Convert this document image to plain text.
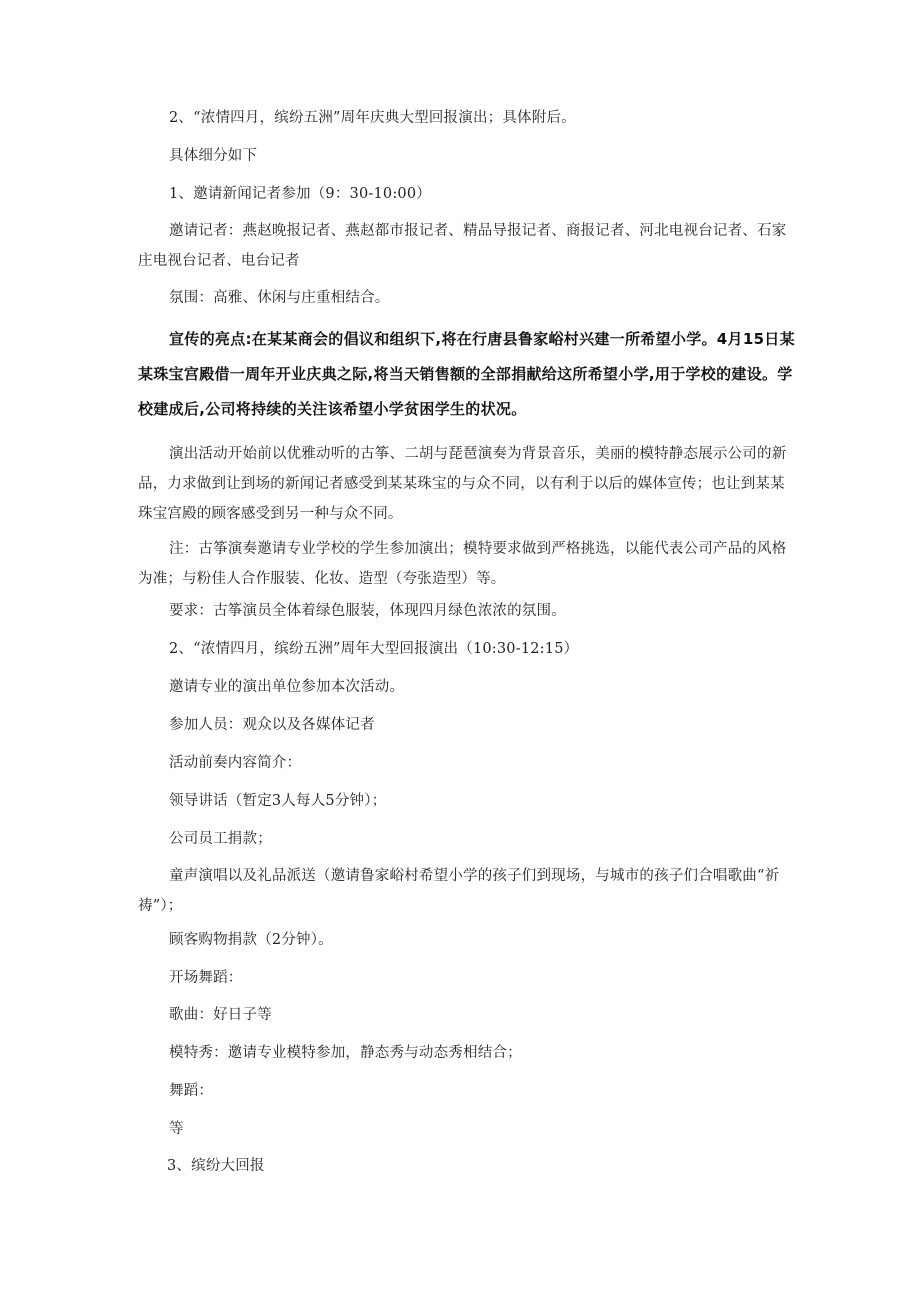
2、“浓情四月，缤纷五洲”周年庆典大型回报演出；具体附后。

具体细分如下

1、邀请新闻记者参加（9：30-10:00）

邀请记者：燕赵晚报记者、燕赵都市报记者、精品导报记者、商报记者、河北电视台记者、石家庄电视台记者、电台记者

氛围：高雅、休闲与庄重相结合。

宣传的亮点:在某某商会的倡议和组织下,将在行唐县鲁家峪村兴建一所希望小学。4月15日某某珠宝宫殿借一周年开业庆典之际,将当天销售额的全部捐献给这所希望小学,用于学校的建设。学校建成后,公司将持续的关注该希望小学贫困学生的状况。

演出活动开始前以优雅动听的古筝、二胡与琵琶演奏为背景音乐，美丽的模特静态展示公司的新品，力求做到让到场的新闻记者感受到某某珠宝的与众不同，以有利于以后的媒体宣传；也让到某某珠宝宫殿的顾客感受到另一种与众不同。

注：古筝演奏邀请专业学校的学生参加演出；模特要求做到严格挑选，以能代表公司产品的风格为准；与粉佳人合作服装、化妆、造型（夸张造型）等。

要求：古筝演员全体着绿色服装，体现四月绿色浓浓的氛围。

2、“浓情四月，缤纷五洲”周年大型回报演出（10:30-12:15）

邀请专业的演出单位参加本次活动。

参加人员：观众以及各媒体记者

活动前奏内容简介：

领导讲话（暂定3人每人5分钟）；

公司员工捐款；

童声演唱以及礼品派送（邀请鲁家峪村希望小学的孩子们到现场，与城市的孩子们合唱歌曲“祈祷”）；

顾客购物捐款（2分钟）。

开场舞蹈：

歌曲：好日子等

模特秀：邀请专业模特参加，静态秀与动态秀相结合；

舞蹈：

等

3、缤纷大回报
